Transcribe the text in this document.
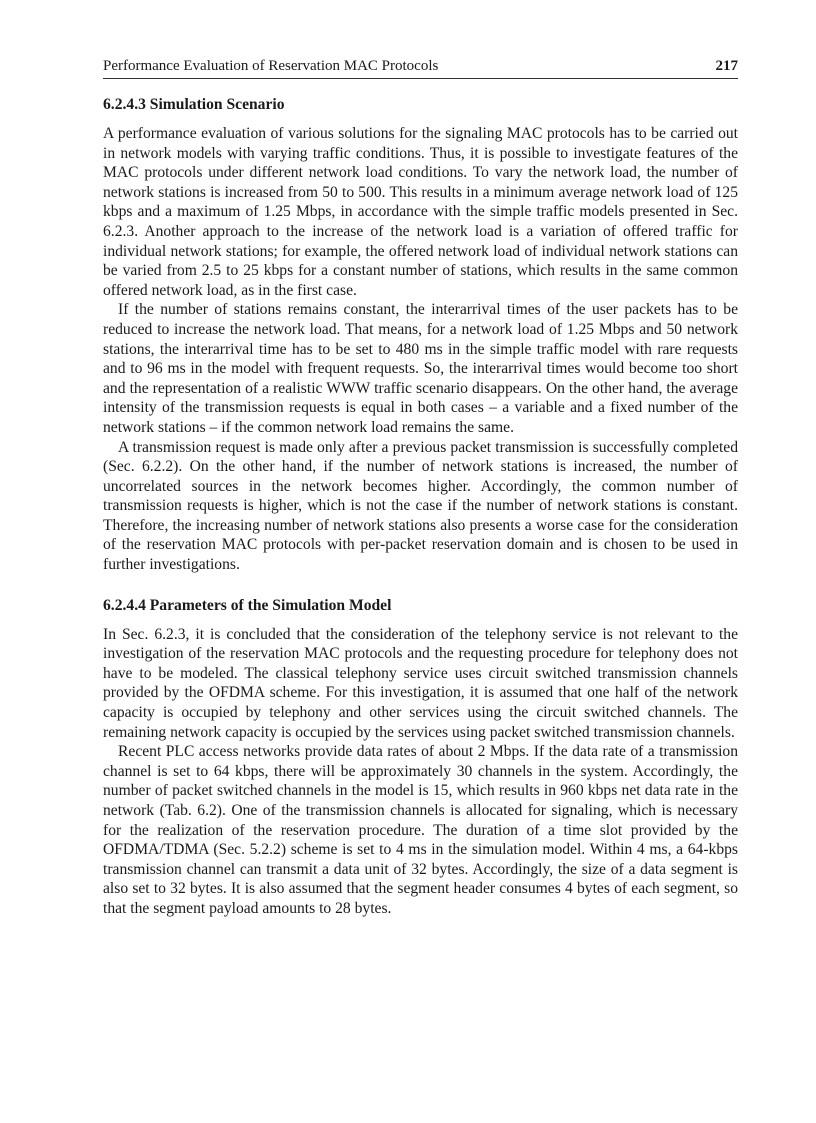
Performance Evaluation of Reservation MAC Protocols	217
6.2.4.3 Simulation Scenario

A performance evaluation of various solutions for the signaling MAC protocols has to be carried out in network models with varying traffic conditions. Thus, it is possible to investigate features of the MAC protocols under different network load conditions. To vary the network load, the number of network stations is increased from 50 to 500. This results in a minimum average network load of 125 kbps and a maximum of 1.25 Mbps, in accordance with the simple traffic models presented in Sec. 6.2.3. Another approach to the increase of the network load is a variation of offered traffic for individual network stations; for example, the offered network load of individual network stations can be varied from 2.5 to 25 kbps for a constant number of stations, which results in the same common offered network load, as in the first case.

If the number of stations remains constant, the interarrival times of the user packets has to be reduced to increase the network load. That means, for a network load of 1.25 Mbps and 50 network stations, the interarrival time has to be set to 480 ms in the simple traffic model with rare requests and to 96 ms in the model with frequent requests. So, the interarrival times would become too short and the representation of a realistic WWW traffic scenario disappears. On the other hand, the average intensity of the transmission requests is equal in both cases – a variable and a fixed number of the network stations – if the common network load remains the same.

A transmission request is made only after a previous packet transmission is successfully completed (Sec. 6.2.2). On the other hand, if the number of network stations is increased, the number of uncorrelated sources in the network becomes higher. Accordingly, the common number of transmission requests is higher, which is not the case if the number of network stations is constant. Therefore, the increasing number of network stations also presents a worse case for the consideration of the reservation MAC protocols with per-packet reservation domain and is chosen to be used in further investigations.

6.2.4.4 Parameters of the Simulation Model

In Sec. 6.2.3, it is concluded that the consideration of the telephony service is not relevant to the investigation of the reservation MAC protocols and the requesting procedure for telephony does not have to be modeled. The classical telephony service uses circuit switched transmission channels provided by the OFDMA scheme. For this investigation, it is assumed that one half of the network capacity is occupied by telephony and other services using the circuit switched channels. The remaining network capacity is occupied by the services using packet switched transmission channels.

Recent PLC access networks provide data rates of about 2 Mbps. If the data rate of a transmission channel is set to 64 kbps, there will be approximately 30 channels in the system. Accordingly, the number of packet switched channels in the model is 15, which results in 960 kbps net data rate in the network (Tab. 6.2). One of the transmission channels is allocated for signaling, which is necessary for the realization of the reservation procedure. The duration of a time slot provided by the OFDMA/TDMA (Sec. 5.2.2) scheme is set to 4 ms in the simulation model. Within 4 ms, a 64-kbps transmission channel can transmit a data unit of 32 bytes. Accordingly, the size of a data segment is also set to 32 bytes. It is also assumed that the segment header consumes 4 bytes of each segment, so that the segment payload amounts to 28 bytes.
